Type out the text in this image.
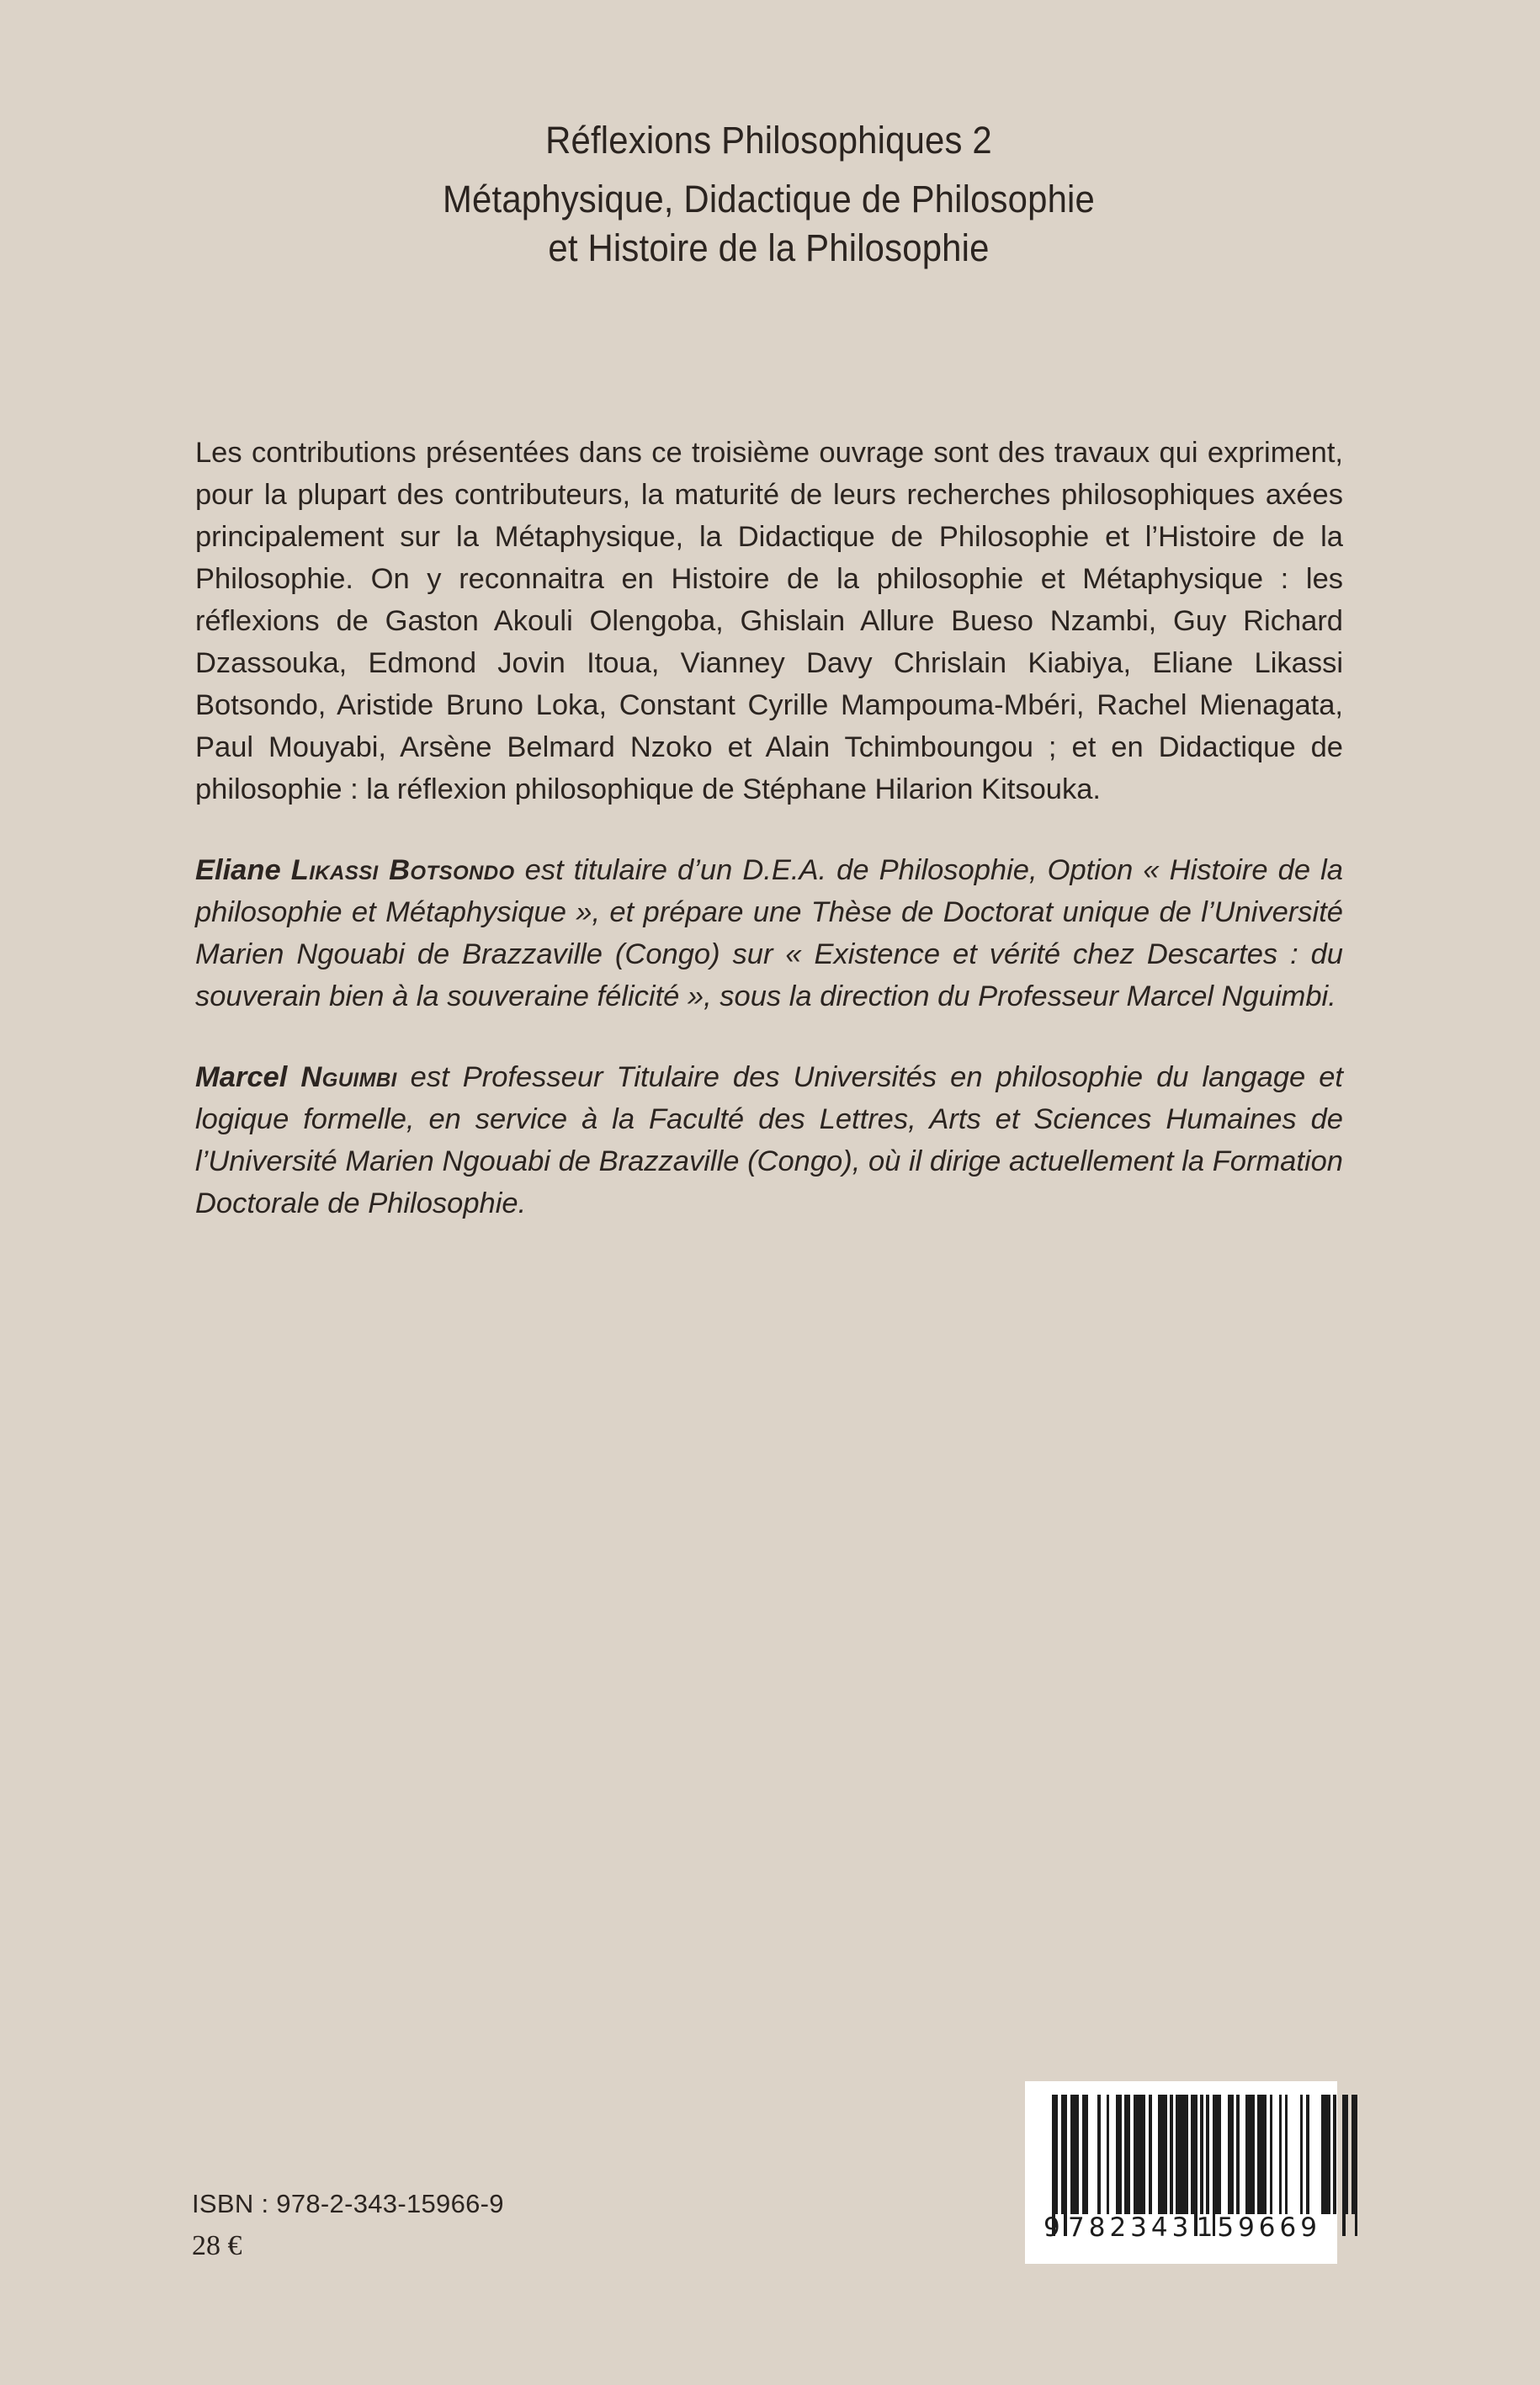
Réflexions Philosophiques 2
Métaphysique, Didactique de Philosophie
et Histoire de la Philosophie

Les contributions présentées dans ce troisième ouvrage sont des travaux qui expriment, pour la plupart des contributeurs, la maturité de leurs recherches philosophiques axées principalement sur la Métaphysique, la Didactique de Philosophie et l’Histoire de la Philosophie. On y reconnaitra en Histoire de la philosophie et Métaphysique : les réflexions de Gaston Akouli Olengoba, Ghislain Allure Bueso Nzambi, Guy Richard Dzassouka, Edmond Jovin Itoua, Vianney Davy Chrislain Kiabiya, Eliane Likassi Botsondo, Aristide Bruno Loka, Constant Cyrille Mampouma-Mbéri, Rachel Mienagata, Paul Mouyabi, Arsène Belmard Nzoko et Alain Tchimboungou ; et en Didactique de philosophie : la réflexion philosophique de Stéphane Hilarion Kitsouka.

Eliane Likassi Botsondo est titulaire d’un D.E.A. de Philosophie, Option « Histoire de la philosophie et Métaphysique », et prépare une Thèse de Doctorat unique de l’Université Marien Ngouabi de Brazzaville (Congo) sur « Existence et vérité chez Descartes : du souverain bien à la souveraine félicité », sous la direction du Professeur Marcel Nguimbi.

Marcel Nguimbi est Professeur Titulaire des Universités en philosophie du langage et logique formelle, en service à la Faculté des Lettres, Arts et Sciences Humaines de l’Université Marien Ngouabi de Brazzaville (Congo), où il dirige actuellement la Formation Doctorale de Philosophie.

ISBN : 978-2-343-15966-9
28 €
9 782343 159669
